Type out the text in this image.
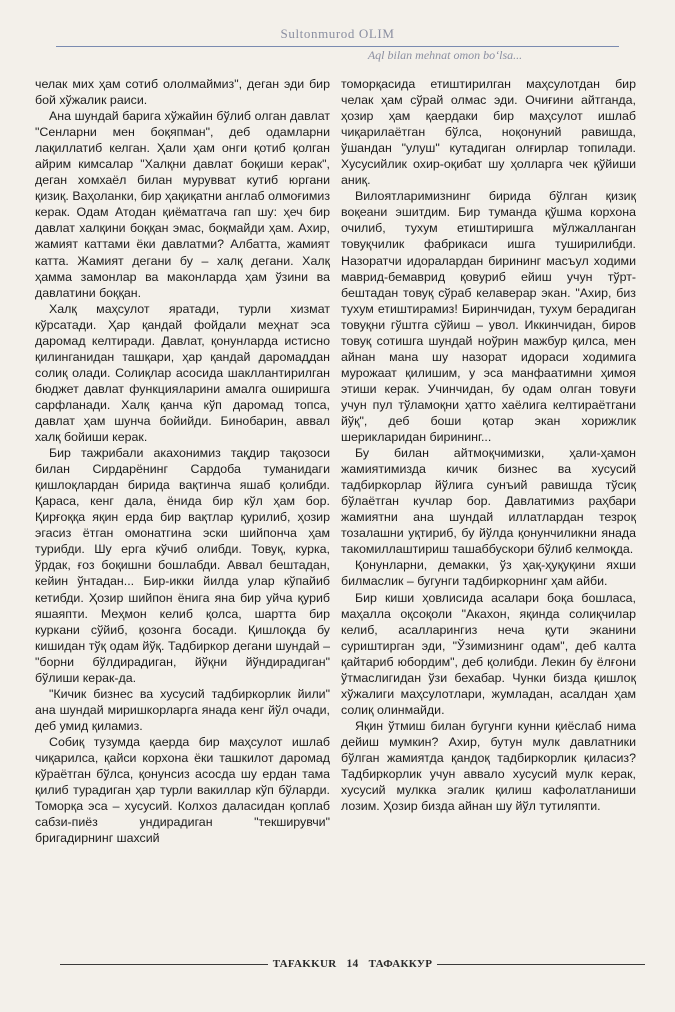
Sultonmurod OLIM
Aql bilan mehnat omon bo‘lsa...

челак мих ҳам сотиб ололмаймиз", деган эди бир бой хўжалик раиси.

Ана шундай барига хўжайин бўлиб олган давлат "Сенларни мен боқяпман", деб одамларни лақиллатиб келган. Ҳали ҳам онги қотиб қолган айрим кимсалар "Халқни давлат боқиши керак", деган хомхаёл билан мурувват кутиб юргани қизиқ. Ваҳоланки, бир ҳақиқатни англаб олмоғимиз керак. Одам Атодан қиёматгача гап шу: ҳеч бир давлат халқини боққан эмас, боқмайди ҳам. Ахир, жамият каттами ёки давлатми? Албатта, жамият катта. Жамият дегани бу – халқ дегани. Халқ ҳамма замонлар ва маконларда ҳам ўзини ва давлатини боққан.

Халқ маҳсулот яратади, турли хизмат кўрсатади. Ҳар қандай фойдали меҳнат эса даромад келтиради. Давлат, қонунларда истисно қилинганидан ташқари, ҳар қандай даромаддан солиқ олади. Солиқлар асосида шакллантирилган бюджет давлат функцияларини амалга оширишга сарфланади. Халқ қанча кўп даромад топса, давлат ҳам шунча бойийди. Бинобарин, аввал халқ бойиши керак.

Бир тажрибали акахонимиз тақдир тақозоси билан Сирдарёнинг Сардоба туманидаги қишлоқлардан бирида вақтинча яшаб қолибди. Қараса, кенг дала, ёнида бир кўл ҳам бор. Қирғоққа яқин ерда бир вақтлар қурилиб, ҳозир эгасиз ётган омонатгина эски шийпонча ҳам турибди. Шу ерга кўчиб олибди. Товуқ, курка, ўрдак, ғоз боқишни бошлабди. Аввал бештадан, кейин ўнтадан... Бир-икки йилда улар кўпайиб кетибди. Ҳозир шийпон ёнига яна бир уйча қуриб яшаяпти. Меҳмон келиб қолса, шартта бир куркани сўйиб, қозонга босади. Қишлоқда бу кишидан тўқ одам йўқ. Тадбиркор дегани шундай – "борни бўлдирадиган, йўқни йўндирадиган" бўлиши керак-да.

"Кичик бизнес ва хусусий тадбиркорлик йили" ана шундай миришкорларга янада кенг йўл очади, деб умид қиламиз.

Собиқ тузумда қаерда бир маҳсулот ишлаб чиқарилса, қайси корхона ёки ташкилот даромад кўраётган бўлса, қонунсиз асосда шу ердан тама қилиб турадиган ҳар турли вакиллар кўп бўларди. Томорқа эса – хусусий. Колхоз даласидан қоплаб сабзи-пиёз ундирадиган "текширувчи" бригадирнинг шахсий

томорқасида етиштирилган маҳсулотдан бир челак ҳам сўрай олмас эди. Очиғини айтганда, ҳозир ҳам қаердаки бир маҳсулот ишлаб чиқарилаётган бўлса, ноқонуний равишда, ўшандан "улуш" кутадиган олғирлар топилади. Хусусийлик охир-оқибат шу ҳолларга чек қўйиши аниқ.

Вилоятларимизнинг бирида бўлган қизиқ воқеани эшитдим. Бир туманда қўшма корхона очилиб, тухум етиштиришга мўлжалланган товуқчилик фабрикаси ишга туширилибди. Назоратчи идоралардан бирининг масъул ходими маврид-бемаврид қовуриб ейиш учун тўрт-бештадан товуқ сўраб келаверар экан. "Ахир, биз тухум етиштирамиз! Биринчидан, тухум берадиган товуқни гўштга сўйиш – увол. Иккинчидан, биров товуқ сотишга шундай ноўрин мажбур қилса, мен айнан мана шу назорат идораси ходимига мурожаат қилишим, у эса манфаатимни ҳимоя этиши керак. Учинчидан, бу одам олган товуғи учун пул тўламоқни ҳатто хаёлига келтираётгани йўқ", деб боши қотар экан хорижлик шерикларидан бирининг...

Бу билан айтмоқчимизки, ҳали-ҳамон жамиятимизда кичик бизнес ва хусусий тадбиркорлар йўлига сунъий равишда тўсиқ бўлаётган кучлар бор. Давлатимиз раҳбари жамиятни ана шундай иллатлардан тезроқ тозалашни уқтириб, бу йўлда қонунчиликни янада такомиллаштириш ташаббускори бўлиб келмоқда.

Қонунларни, демакки, ўз ҳақ-ҳуқуқини яхши билмаслик – бугунги тадбиркорнинг ҳам айби.

Бир киши ҳовлисида асалари боқа бошласа, маҳалла оқсоқоли "Акахон, яқинда солиқчилар келиб, асалларингиз неча қути эканини суриштирган эди, "Ўзимизнинг одам", деб калта қайтариб юбордим", деб қолибди. Лекин бу ёлғони ўтмаслигидан ўзи бехабар. Чунки бизда қишлоқ хўжалиги маҳсулотлари, жумладан, асалдан ҳам солиқ олинмайди.

Яқин ўтмиш билан бугунги кунни қиёслаб нима дейиш мумкин? Ахир, бутун мулк давлатники бўлган жамиятда қандоқ тадбиркорлик қиласиз? Тадбиркорлик учун аввало хусусий мулк керак, хусусий мулкка эгалик қилиш кафолатланиши лозим. Ҳозир бизда айнан шу йўл тутиляпти.

TAFAKKUR 14 ТАФАККУР
